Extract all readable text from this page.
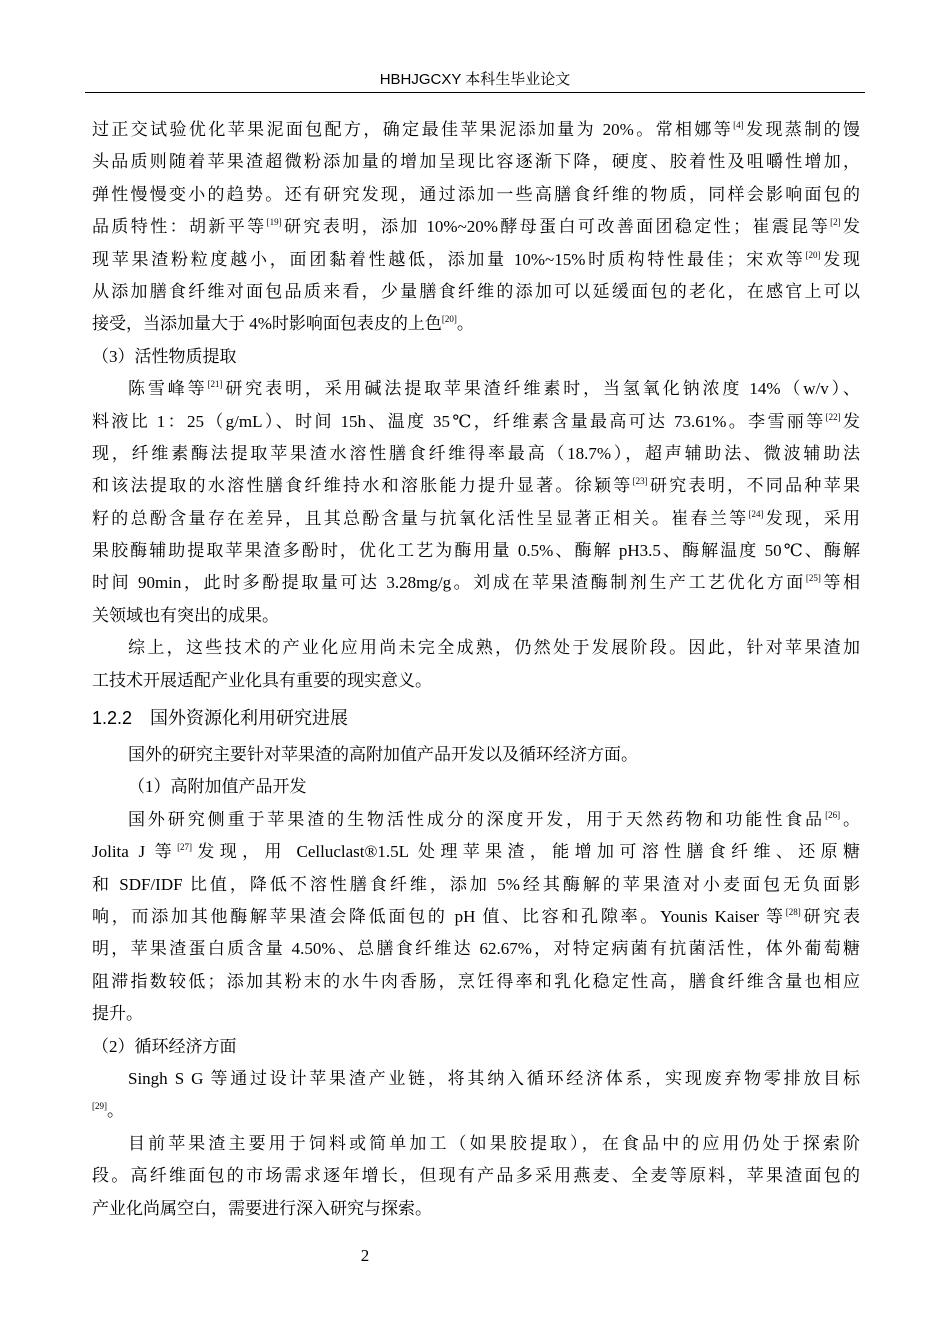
HBHJGCXY 本科生毕业论文
过正交试验优化苹果泥面包配方，确定最佳苹果泥添加量为 20%。常相娜等[4]发现蒸制的馒
头品质则随着苹果渣超微粉添加量的增加呈现比容逐渐下降，硬度、胶着性及咀嚼性增加，
弹性慢慢变小的趋势。还有研究发现，通过添加一些高膳食纤维的物质，同样会影响面包的
品质特性：胡新平等[19]研究表明，添加 10%~20%酵母蛋白可改善面团稳定性；崔震昆等[2]发
现苹果渣粉粒度越小，面团黏着性越低，添加量 10%~15%时质构特性最佳；宋欢等[20]发现
从添加膳食纤维对面包品质来看，少量膳食纤维的添加可以延缓面包的老化，在感官上可以
接受，当添加量大于 4%时影响面包表皮的上色[20]。
（3）活性物质提取
陈雪峰等[21]研究表明，采用碱法提取苹果渣纤维素时，当氢氧化钠浓度 14%（w/v）、
料液比 1：25（g/mL）、时间 15h、温度 35℃，纤维素含量最高可达 73.61%。李雪丽等[22]发
现，纤维素酶法提取苹果渣水溶性膳食纤维得率最高（18.7%），超声辅助法、微波辅助法
和该法提取的水溶性膳食纤维持水和溶胀能力提升显著。徐颖等[23]研究表明，不同品种苹果
籽的总酚含量存在差异，且其总酚含量与抗氧化活性呈显著正相关。崔春兰等[24]发现，采用
果胶酶辅助提取苹果渣多酚时，优化工艺为酶用量 0.5%、酶解 pH3.5、酶解温度 50℃、酶解
时间 90min，此时多酚提取量可达 3.28mg/g。刘成在苹果渣酶制剂生产工艺优化方面[25]等相
关领域也有突出的成果。
综上，这些技术的产业化应用尚未完全成熟，仍然处于发展阶段。因此，针对苹果渣加
工技术开展适配产业化具有重要的现实意义。
1.2.2　国外资源化利用研究进展
国外的研究主要针对苹果渣的高附加值产品开发以及循环经济方面。
（1）高附加值产品开发
国外研究侧重于苹果渣的生物活性成分的深度开发，用于天然药物和功能性食品[26]。
Jolita J 等[27]发现，用 Celluclast®1.5L 处理苹果渣，能增加可溶性膳食纤维、还原糖
和 SDF/IDF 比值，降低不溶性膳食纤维，添加 5%经其酶解的苹果渣对小麦面包无负面影
响，而添加其他酶解苹果渣会降低面包的 pH 值、比容和孔隙率。Younis Kaiser 等[28]研究表
明，苹果渣蛋白质含量 4.50%、总膳食纤维达 62.67%，对特定病菌有抗菌活性，体外葡萄糖
阻滞指数较低；添加其粉末的水牛肉香肠，烹饪得率和乳化稳定性高，膳食纤维含量也相应
提升。
（2）循环经济方面
Singh S G 等通过设计苹果渣产业链，将其纳入循环经济体系，实现废弃物零排放目标
[29]。
目前苹果渣主要用于饲料或简单加工（如果胶提取），在食品中的应用仍处于探索阶
段。高纤维面包的市场需求逐年增长，但现有产品多采用燕麦、全麦等原料，苹果渣面包的
产业化尚属空白，需要进行深入研究与探索。
2
